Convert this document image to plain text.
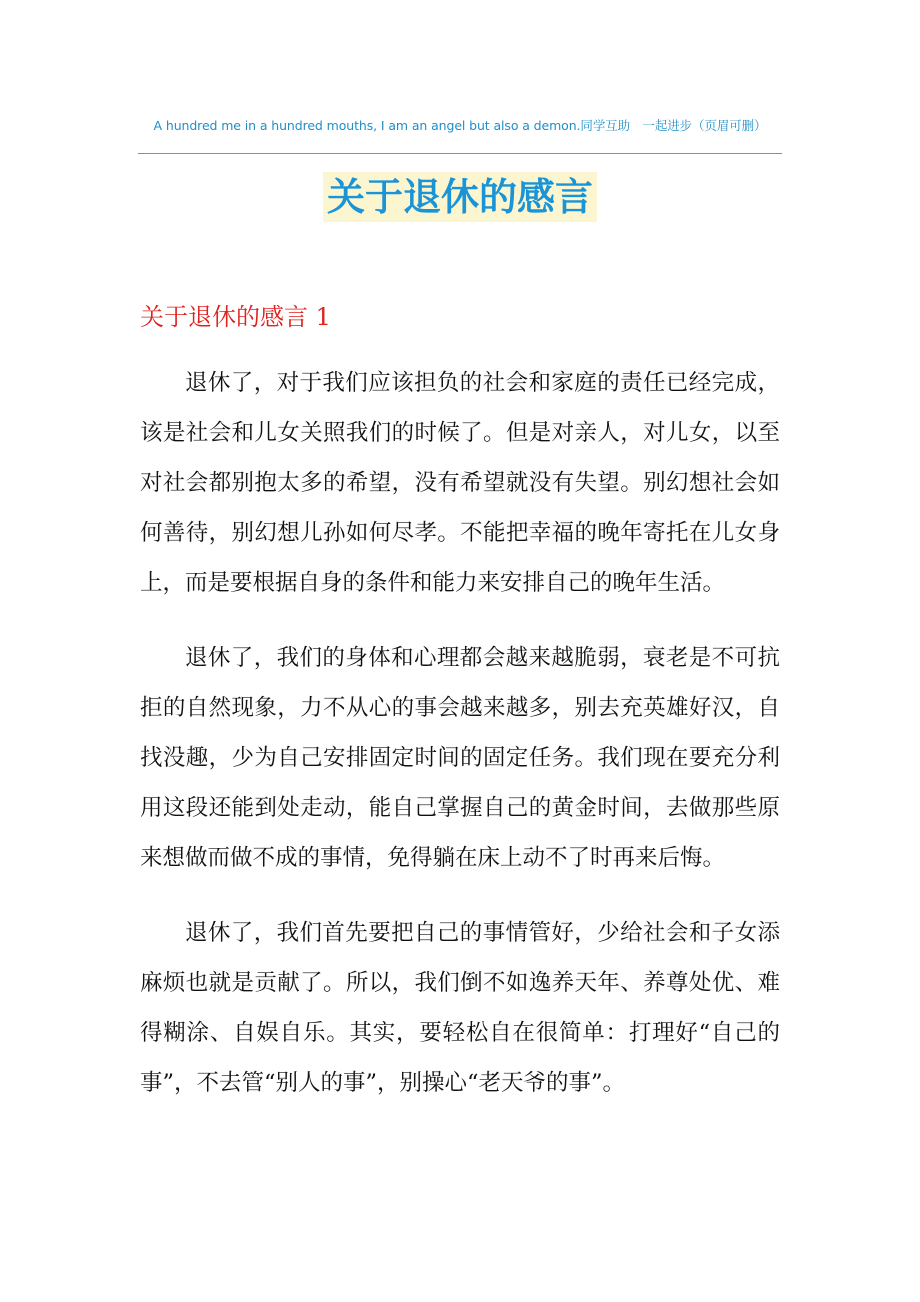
A hundred me in a hundred mouths, I am an angel but also a demon.同学互助　一起进步（页眉可删）
关于退休的感言
关于退休的感言 1

退休了，对于我们应该担负的社会和家庭的责任已经完成，该是社会和儿女关照我们的时候了。但是对亲人，对儿女，以至对社会都别抱太多的希望，没有希望就没有失望。别幻想社会如何善待，别幻想儿孙如何尽孝。不能把幸福的晚年寄托在儿女身上，而是要根据自身的条件和能力来安排自己的晚年生活。

退休了，我们的身体和心理都会越来越脆弱，衰老是不可抗拒的自然现象，力不从心的事会越来越多，别去充英雄好汉，自找没趣，少为自己安排固定时间的固定任务。我们现在要充分利用这段还能到处走动，能自己掌握自己的黄金时间，去做那些原来想做而做不成的事情，免得躺在床上动不了时再来后悔。

退休了，我们首先要把自己的事情管好，少给社会和子女添麻烦也就是贡献了。所以，我们倒不如逸养天年、养尊处优、难得糊涂、自娱自乐。其实，要轻松自在很简单：打理好“自己的事”，不去管“别人的事”，别操心“老天爷的事”。
